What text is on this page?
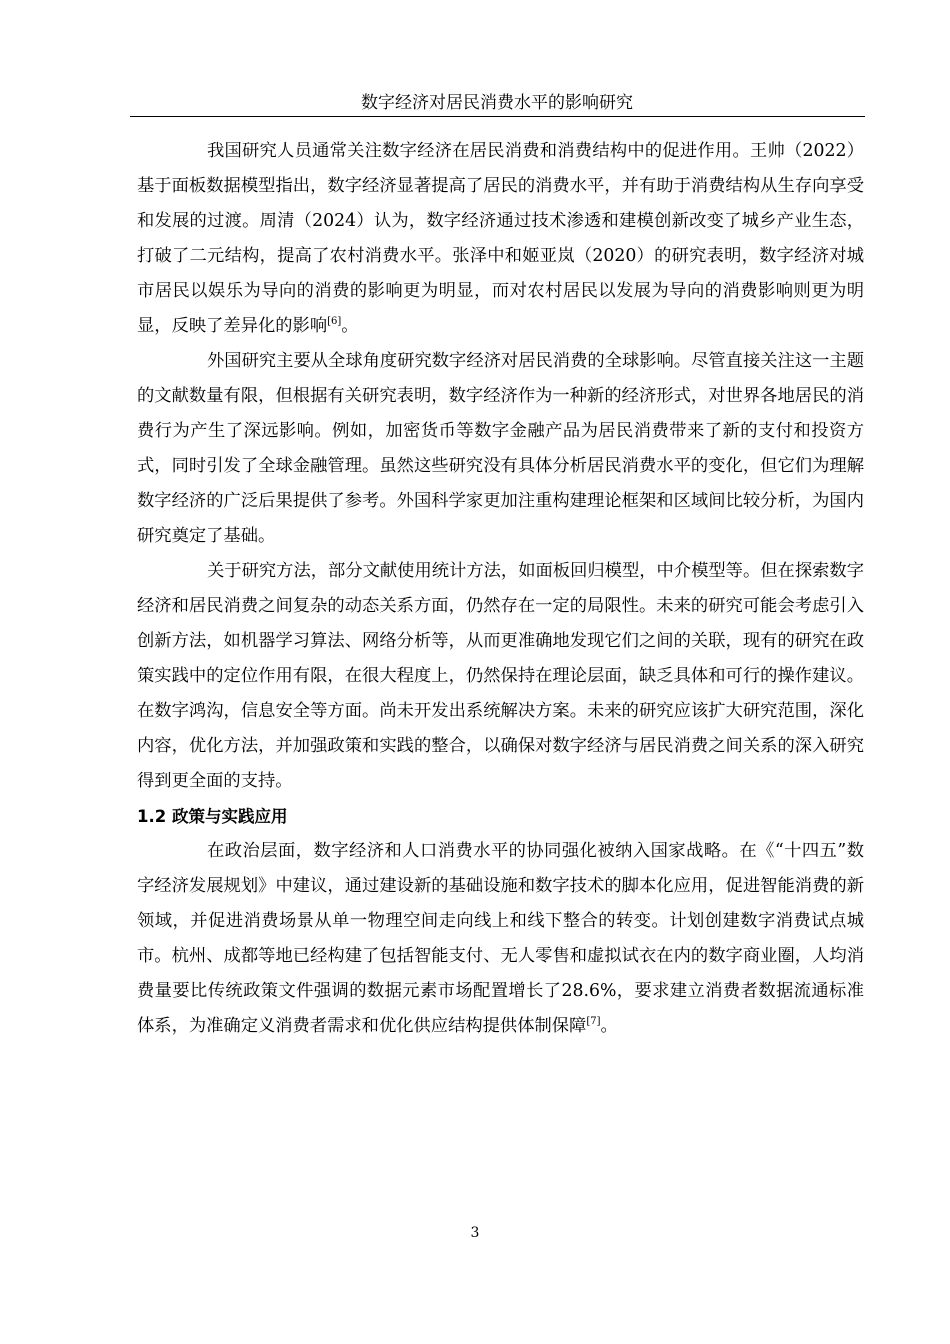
数字经济对居民消费水平的影响研究

我国研究人员通常关注数字经济在居民消费和消费结构中的促进作用。王帅（2022）基于面板数据模型指出，数字经济显著提高了居民的消费水平，并有助于消费结构从生存向享受和发展的过渡。周清（2024）认为，数字经济通过技术渗透和建模创新改变了城乡产业生态，打破了二元结构，提高了农村消费水平。张泽中和姬亚岚（2020）的研究表明，数字经济对城市居民以娱乐为导向的消费的影响更为明显，而对农村居民以发展为导向的消费影响则更为明显，反映了差异化的影响[6]。

外国研究主要从全球角度研究数字经济对居民消费的全球影响。尽管直接关注这一主题的文献数量有限，但根据有关研究表明，数字经济作为一种新的经济形式，对世界各地居民的消费行为产生了深远影响。例如，加密货币等数字金融产品为居民消费带来了新的支付和投资方式，同时引发了全球金融管理。虽然这些研究没有具体分析居民消费水平的变化，但它们为理解数字经济的广泛后果提供了参考。外国科学家更加注重构建理论框架和区域间比较分析，为国内研究奠定了基础。

关于研究方法，部分文献使用统计方法，如面板回归模型，中介模型等。但在探索数字经济和居民消费之间复杂的动态关系方面，仍然存在一定的局限性。未来的研究可能会考虑引入创新方法，如机器学习算法、网络分析等，从而更准确地发现它们之间的关联，现有的研究在政策实践中的定位作用有限，在很大程度上，仍然保持在理论层面，缺乏具体和可行的操作建议。在数字鸿沟，信息安全等方面。尚未开发出系统解决方案。未来的研究应该扩大研究范围，深化内容，优化方法，并加强政策和实践的整合，以确保对数字经济与居民消费之间关系的深入研究得到更全面的支持。

1.2 政策与实践应用

在政治层面，数字经济和人口消费水平的协同强化被纳入国家战略。在《“十四五”数字经济发展规划》中建议，通过建设新的基础设施和数字技术的脚本化应用，促进智能消费的新领域，并促进消费场景从单一物理空间走向线上和线下整合的转变。计划创建数字消费试点城市。杭州、成都等地已经构建了包括智能支付、无人零售和虚拟试衣在内的数字商业圈，人均消费量要比传统政策文件强调的数据元素市场配置增长了28.6%，要求建立消费者数据流通标准体系，为准确定义消费者需求和优化供应结构提供体制保障[7]。

3
